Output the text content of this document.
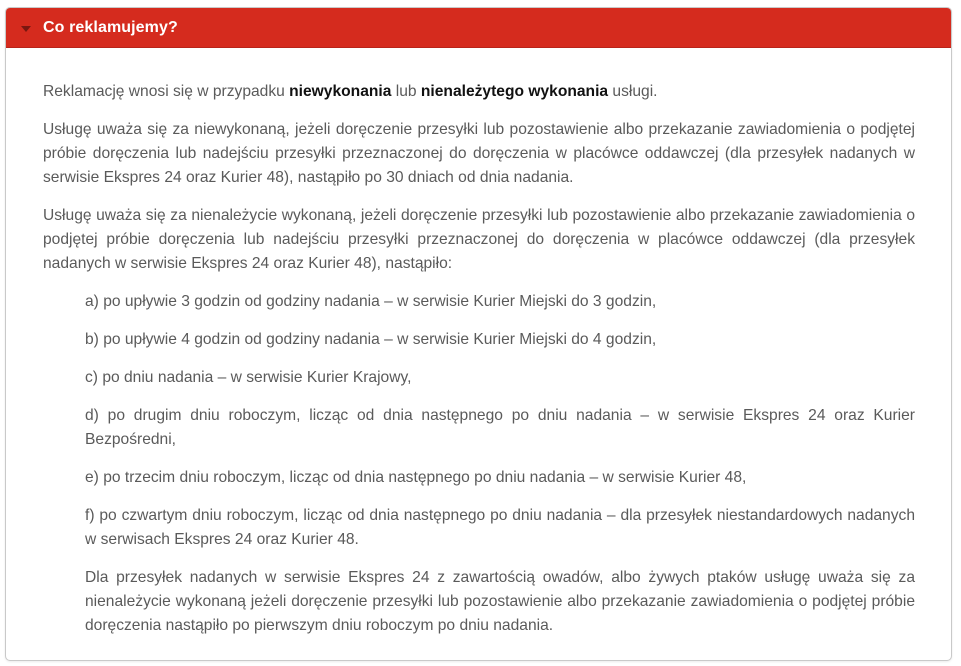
Co reklamujemy?

Reklamację wnosi się w przypadku niewykonania lub nienależytego wykonania usługi.

Usługę uważa się za niewykonaną, jeżeli doręczenie przesyłki lub pozostawienie albo przekazanie zawiadomienia o podjętej próbie doręczenia lub nadejściu przesyłki przeznaczonej do doręczenia w placówce oddawczej (dla przesyłek nadanych w serwisie Ekspres 24 oraz Kurier 48), nastąpiło po 30 dniach od dnia nadania.

Usługę uważa się za nienależycie wykonaną, jeżeli doręczenie przesyłki lub pozostawienie albo przekazanie zawiadomienia o podjętej próbie doręczenia lub nadejściu przesyłki przeznaczonej do doręczenia w placówce oddawczej (dla przesyłek nadanych w serwisie Ekspres 24 oraz Kurier 48), nastąpiło:

a) po upływie 3 godzin od godziny nadania – w serwisie Kurier Miejski do 3 godzin,

b) po upływie 4 godzin od godziny nadania – w serwisie Kurier Miejski do 4 godzin,

c) po dniu nadania – w serwisie Kurier Krajowy,

d) po drugim dniu roboczym, licząc od dnia następnego po dniu nadania – w serwisie Ekspres 24 oraz Kurier Bezpośredni,

e) po trzecim dniu roboczym, licząc od dnia następnego po dniu nadania – w serwisie Kurier 48,

f) po czwartym dniu roboczym, licząc od dnia następnego po dniu nadania – dla przesyłek niestandardowych nadanych w serwisach Ekspres 24 oraz Kurier 48.

Dla przesyłek nadanych w serwisie Ekspres 24 z zawartością owadów, albo żywych ptaków usługę uważa się za nienależycie wykonaną jeżeli doręczenie przesyłki lub pozostawienie albo przekazanie zawiadomienia o podjętej próbie doręczenia nastąpiło po pierwszym dniu roboczym po dniu nadania.
